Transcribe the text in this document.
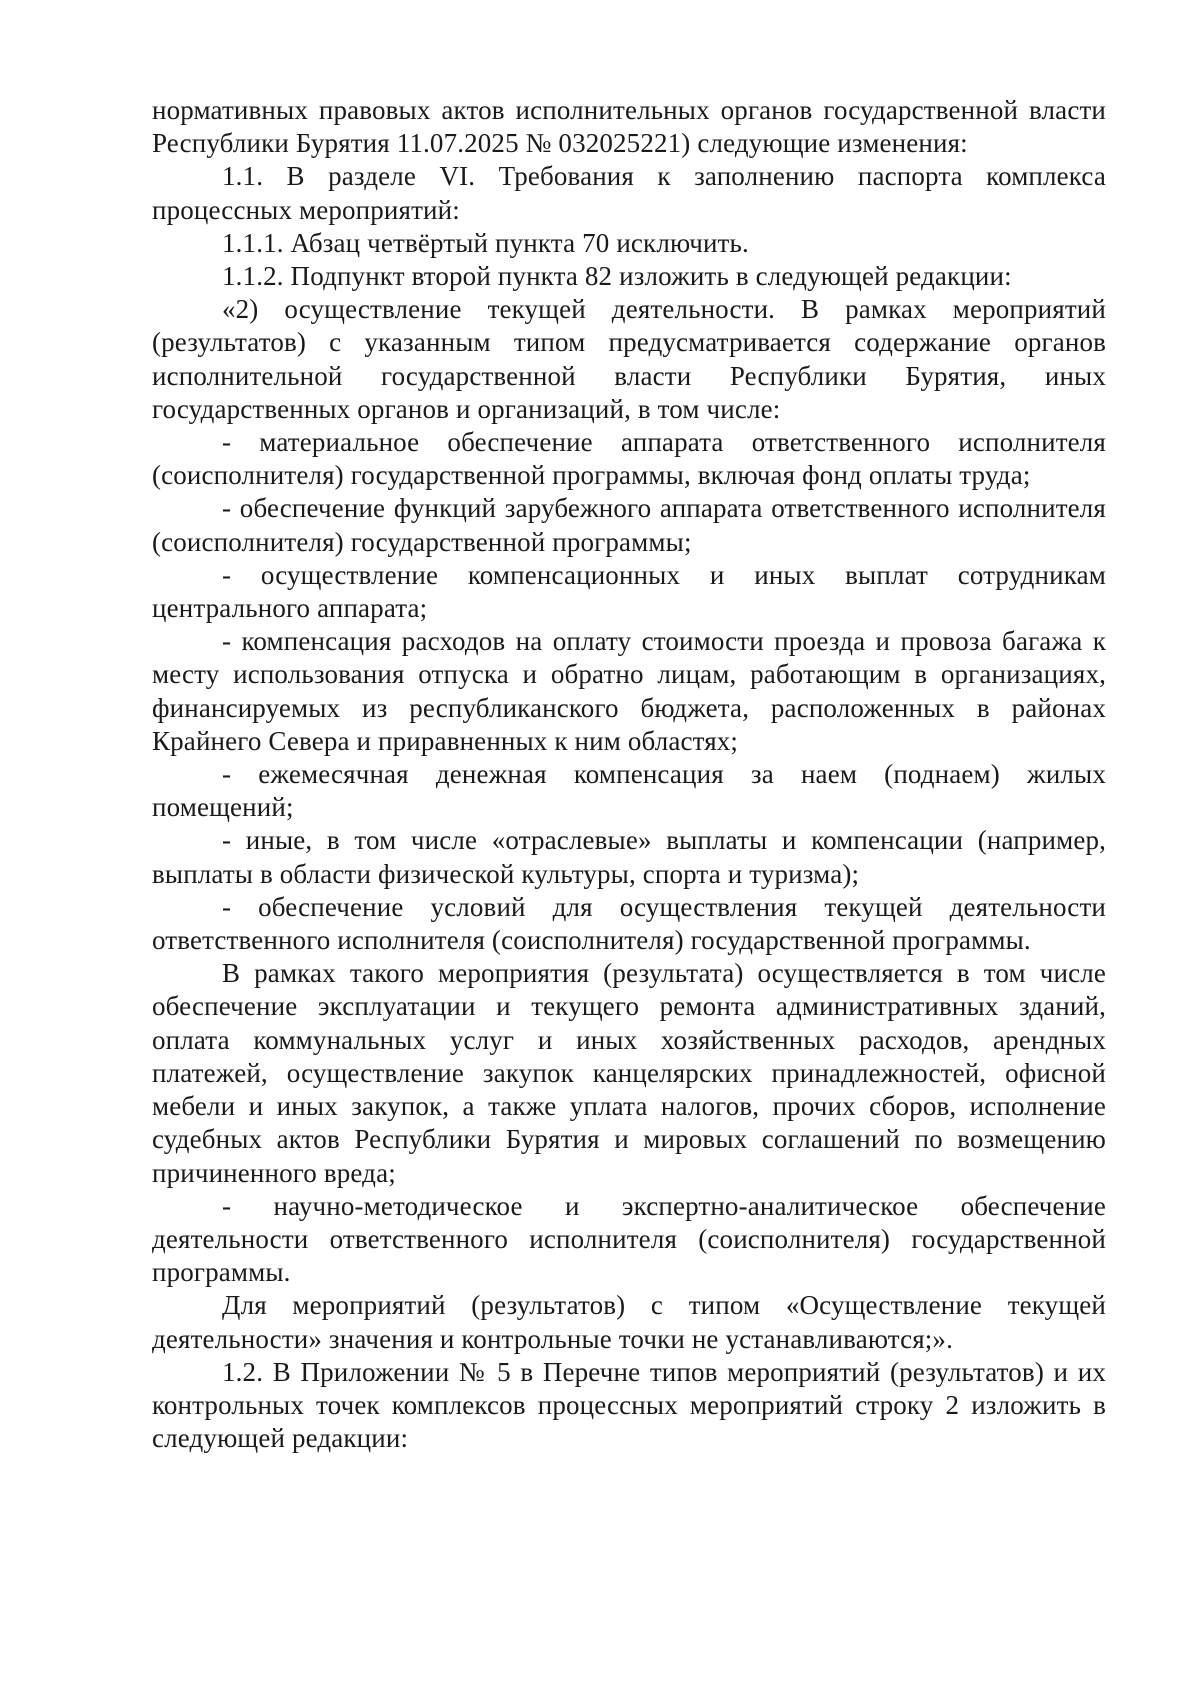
нормативных правовых актов исполнительных органов государственной власти Республики Бурятия 11.07.2025 № 032025221) следующие изменения:

1.1. В разделе VI. Требования к заполнению паспорта комплекса процессных мероприятий:

1.1.1. Абзац четвёртый пункта 70 исключить.

1.1.2. Подпункт второй пункта 82 изложить в следующей редакции:

«2) осуществление текущей деятельности. В рамках мероприятий (результатов) с указанным типом предусматривается содержание органов исполнительной государственной власти Республики Бурятия, иных государственных органов и организаций, в том числе:

- материальное обеспечение аппарата ответственного исполнителя (соисполнителя) государственной программы, включая фонд оплаты труда;

- обеспечение функций зарубежного аппарата ответственного исполнителя (соисполнителя) государственной программы;

- осуществление компенсационных и иных выплат сотрудникам центрального аппарата;

- компенсация расходов на оплату стоимости проезда и провоза багажа к месту использования отпуска и обратно лицам, работающим в организациях, финансируемых из республиканского бюджета, расположенных в районах Крайнего Севера и приравненных к ним областях;

- ежемесячная денежная компенсация за наем (поднаем) жилых помещений;

- иные, в том числе «отраслевые» выплаты и компенсации (например, выплаты в области физической культуры, спорта и туризма);

- обеспечение условий для осуществления текущей деятельности ответственного исполнителя (соисполнителя) государственной программы.

В рамках такого мероприятия (результата) осуществляется в том числе обеспечение эксплуатации и текущего ремонта административных зданий, оплата коммунальных услуг и иных хозяйственных расходов, арендных платежей, осуществление закупок канцелярских принадлежностей, офисной мебели и иных закупок, а также уплата налогов, прочих сборов, исполнение судебных актов Республики Бурятия и мировых соглашений по возмещению причиненного вреда;

- научно-методическое и экспертно-аналитическое обеспечение деятельности ответственного исполнителя (соисполнителя) государственной программы.

Для мероприятий (результатов) с типом «Осуществление текущей деятельности» значения и контрольные точки не устанавливаются;».

1.2. В Приложении № 5 в Перечне типов мероприятий (результатов) и их контрольных точек комплексов процессных мероприятий строку 2 изложить в следующей редакции:
